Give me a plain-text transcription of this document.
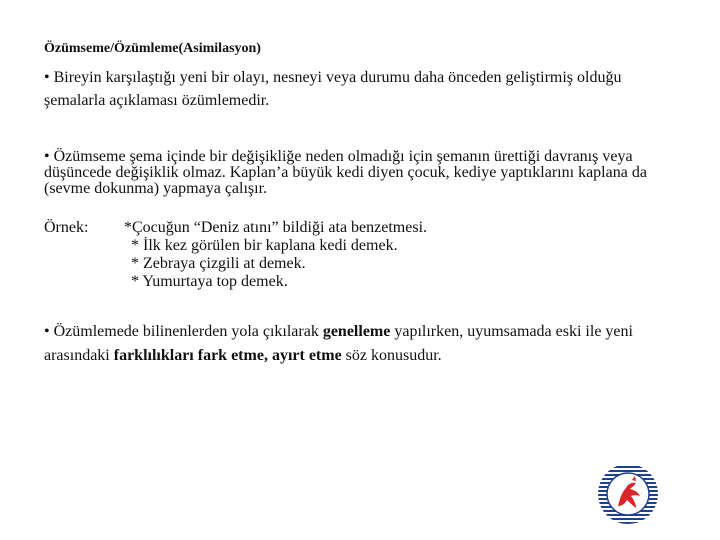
Özümseme/Özümleme(Asimilasyon)
• Bireyin karşılaştığı yeni bir olayı, nesneyi veya durumu daha önceden geliştirmiş olduğu şemalarla açıklaması özümlemedir.
• Özümseme şema içinde bir değişikliğe neden olmadığı için şemanın ürettiği davranış veya düşüncede değişiklik olmaz. Kaplan’a büyük kedi diyen çocuk, kediye yaptıklarını kaplana da (sevme dokunma) yapmaya çalışır.
Örnek: *Çocuğun “Deniz atını” bildiği ata benzetmesi.
* İlk kez görülen bir kaplana kedi demek.
* Zebraya çizgili at demek.
* Yumurtaya top demek.
• Özümlemede bilinenlerden yola çıkılarak genelleme yapılırken, uyumsamada eski ile yeni arasındaki farklılıkları fark etme, ayırt etme söz konusudur.
